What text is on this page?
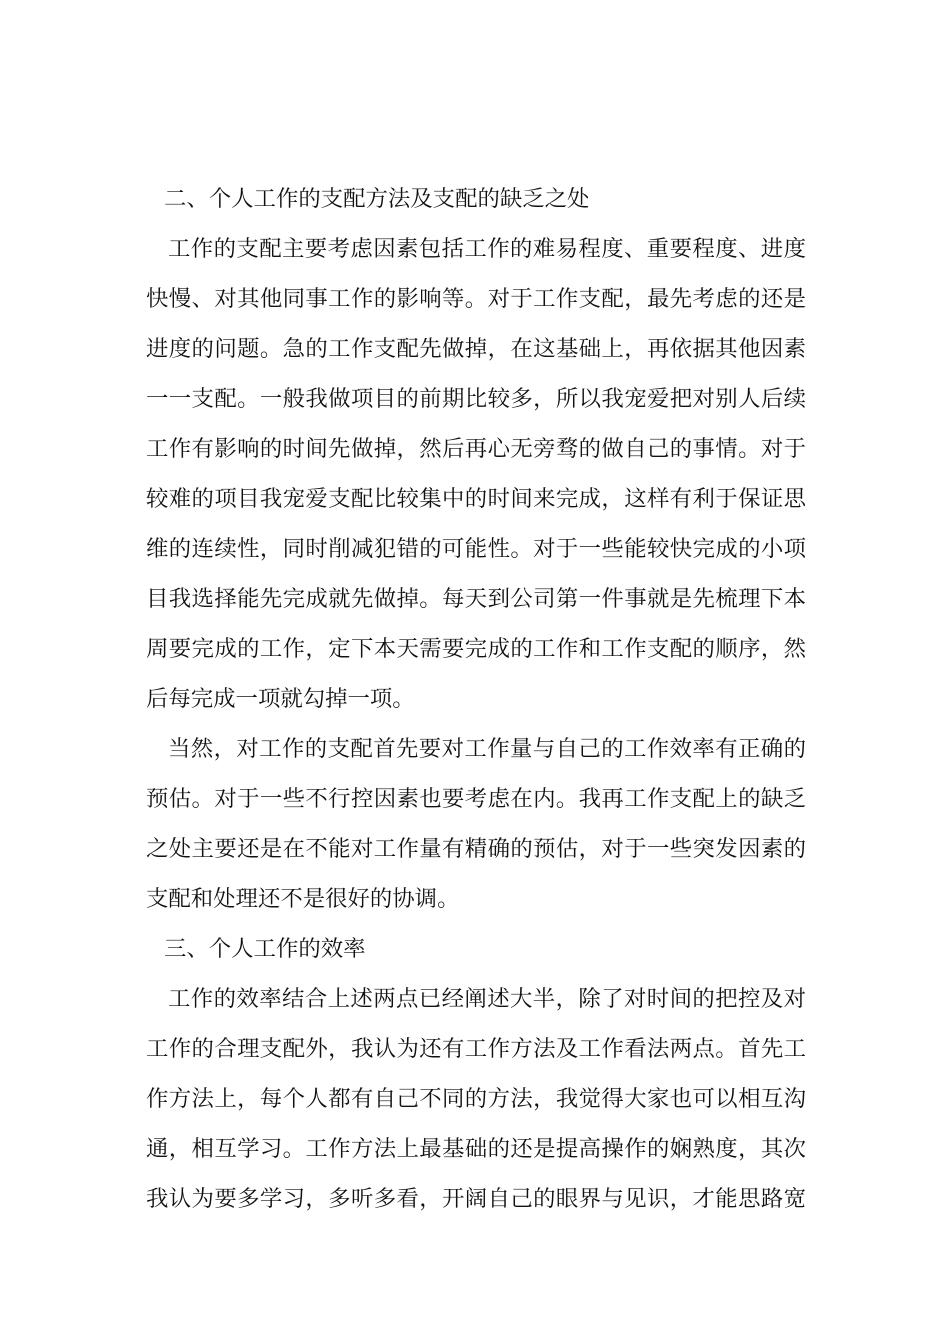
二、个人工作的支配方法及支配的缺乏之处
工作的支配主要考虑因素包括工作的难易程度、重要程度、进度
快慢、对其他同事工作的影响等。对于工作支配，最先考虑的还是
进度的问题。急的工作支配先做掉，在这基础上，再依据其他因素
一一支配。一般我做项目的前期比较多，所以我宠爱把对别人后续
工作有影响的时间先做掉，然后再心无旁骛的做自己的事情。对于
较难的项目我宠爱支配比较集中的时间来完成，这样有利于保证思
维的连续性，同时削减犯错的可能性。对于一些能较快完成的小项
目我选择能先完成就先做掉。每天到公司第一件事就是先梳理下本
周要完成的工作，定下本天需要完成的工作和工作支配的顺序，然
后每完成一项就勾掉一项。
当然，对工作的支配首先要对工作量与自己的工作效率有正确的
预估。对于一些不行控因素也要考虑在内。我再工作支配上的缺乏
之处主要还是在不能对工作量有精确的预估，对于一些突发因素的
支配和处理还不是很好的协调。
三、个人工作的效率
工作的效率结合上述两点已经阐述大半，除了对时间的把控及对
工作的合理支配外，我认为还有工作方法及工作看法两点。首先工
作方法上，每个人都有自己不同的方法，我觉得大家也可以相互沟
通，相互学习。工作方法上最基础的还是提高操作的娴熟度，其次
我认为要多学习，多听多看，开阔自己的眼界与见识，才能思路宽
